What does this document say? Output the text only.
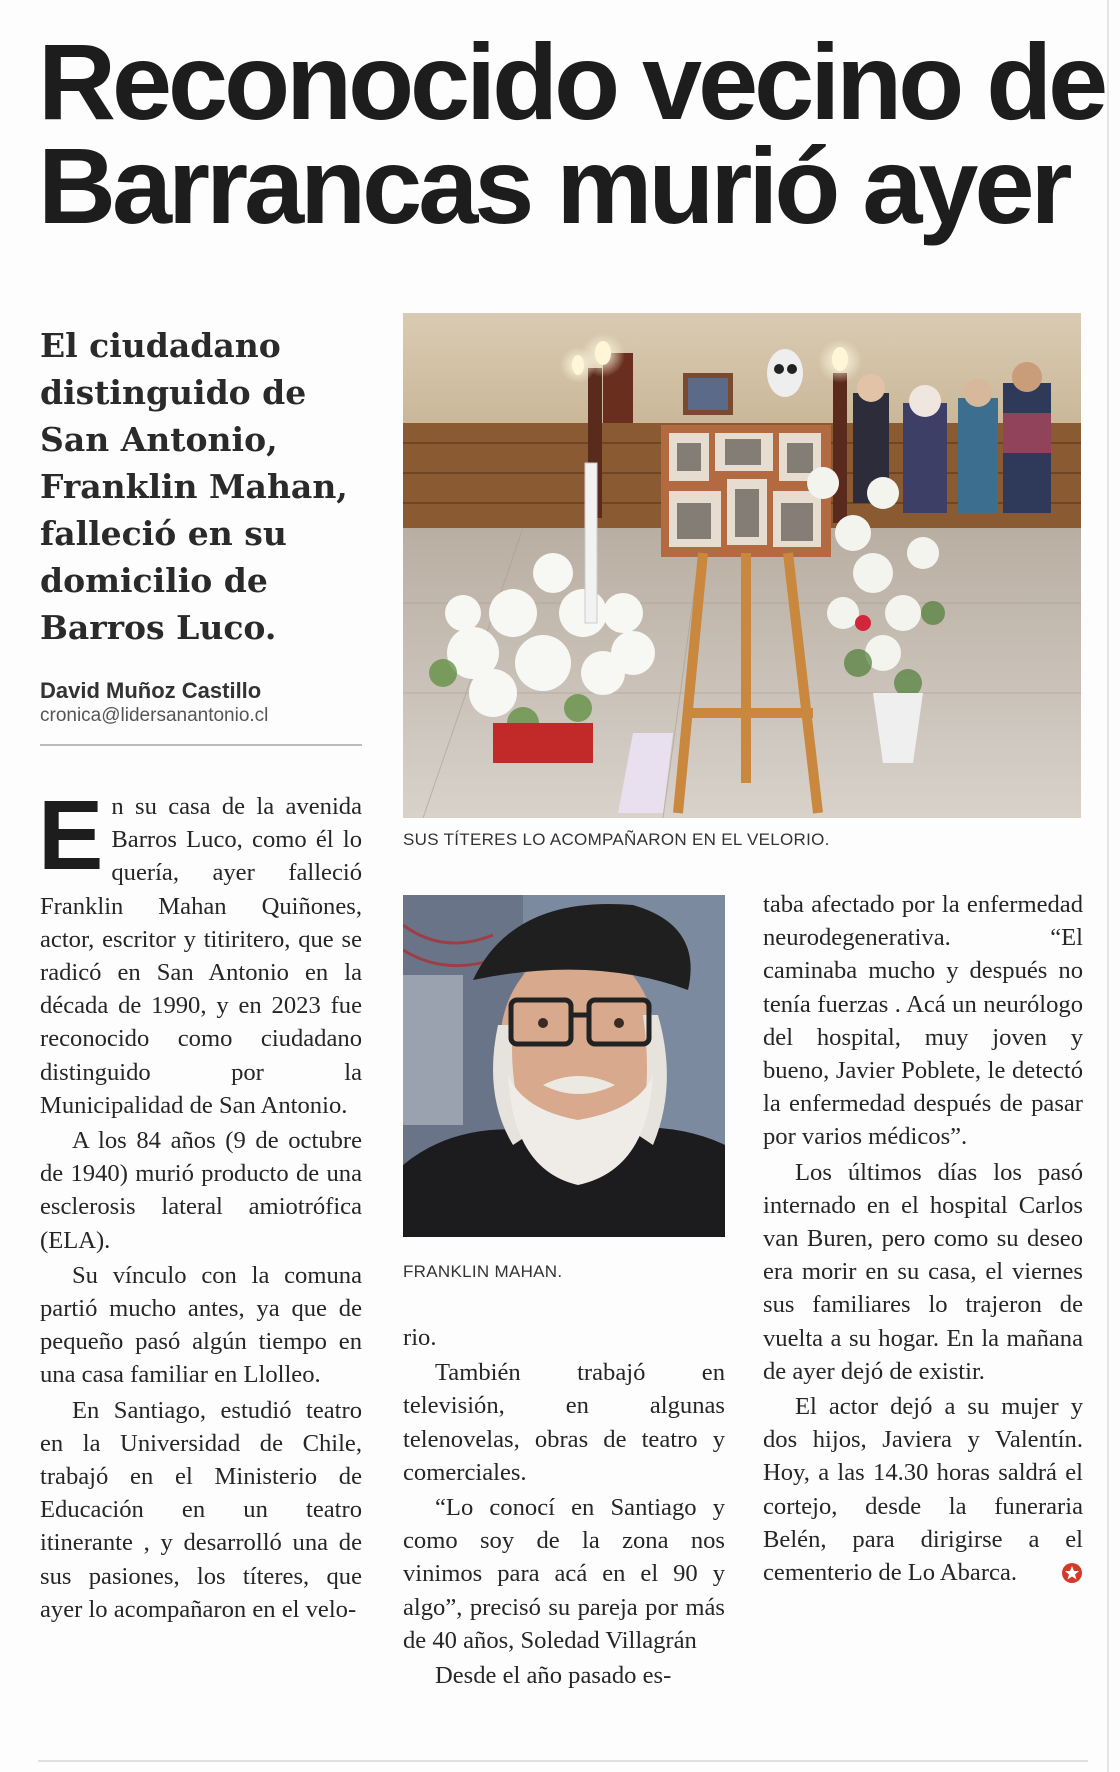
Reconocido vecino de
Barrancas murió ayer
El ciudadano distinguido de San Antonio, Franklin Mahan, falleció en su domicilio de Barros Luco.
David Muñoz Castillo
cronica@lidersanantonio.cl
SUS TÍTERES LO ACOMPAÑARON EN EL VELORIO.
FRANKLIN MAHAN.

En su casa de la avenida Barros Luco, como él lo quería, ayer falleció Franklin Mahan Quiñones, actor, escritor y titiritero, que se radicó en San Antonio en la década de 1990, y en 2023 fue reconocido como ciudadano distinguido por la Municipalidad de San Antonio.

A los 84 años (9 de octubre de 1940) murió producto de una esclerosis lateral amiotrófica (ELA).

Su vínculo con la comuna partió mucho antes, ya que de pequeño pasó algún tiempo en una casa familiar en Llolleo.

En Santiago, estudió teatro en la Universidad de Chile, trabajó en el Ministerio de Educación en un teatro itinerante , y desarrolló una de sus pasiones, los títeres, que ayer lo acompañaron en el velo-

rio.

También trabajó en televisión, en algunas telenovelas, obras de teatro y comerciales.

“Lo conocí en Santiago y como soy de la zona nos vinimos para acá en el 90 y algo”, precisó su pareja por más de 40 años, Soledad Villagrán

Desde el año pasado es-

taba afectado por la enfermedad neurodegenerativa. “El caminaba mucho y después no tenía fuerzas . Acá un neurólogo del hospital, muy joven y bueno, Javier Poblete, le detectó la enfermedad después de pasar por varios médicos”.

Los últimos días los pasó internado en el hospital Carlos van Buren, pero como su deseo era morir en su casa, el viernes sus familiares lo trajeron de vuelta a su hogar. En la mañana de ayer dejó de existir.

El actor dejó a su mujer y dos hijos, Javiera y Valentín. Hoy, a las 14.30 horas saldrá el cortejo, desde la funeraria Belén, para dirigirse a el cementerio de Lo Abarca.
